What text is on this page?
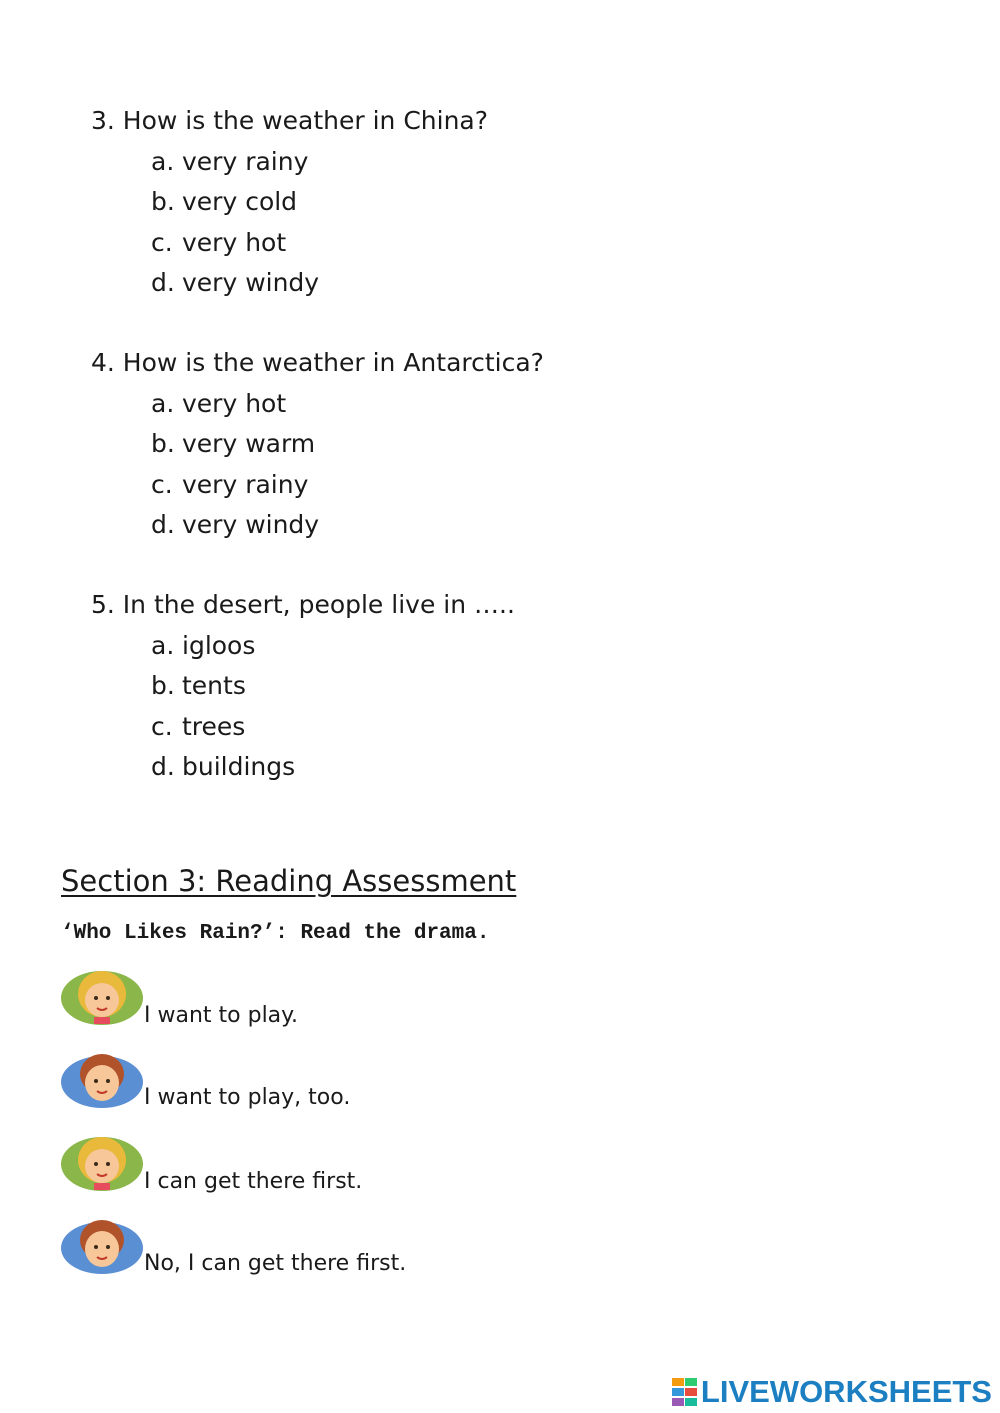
3. How is the weather in China?

a. very rainy
b. very cold
c. very hot
d. very windy

4. How is the weather in Antarctica?

a. very hot
b. very warm
c. very rainy
d. very windy

5. In the desert, people live in …..

a. igloos
b. tents
c. trees
d. buildings
Section 3: Reading Assessment

‘Who Likes Rain?’: Read the drama.

I want to play.
I want to play, too.
I can get there first.
No, I can get there first.
LIVEWORKSHEETS
